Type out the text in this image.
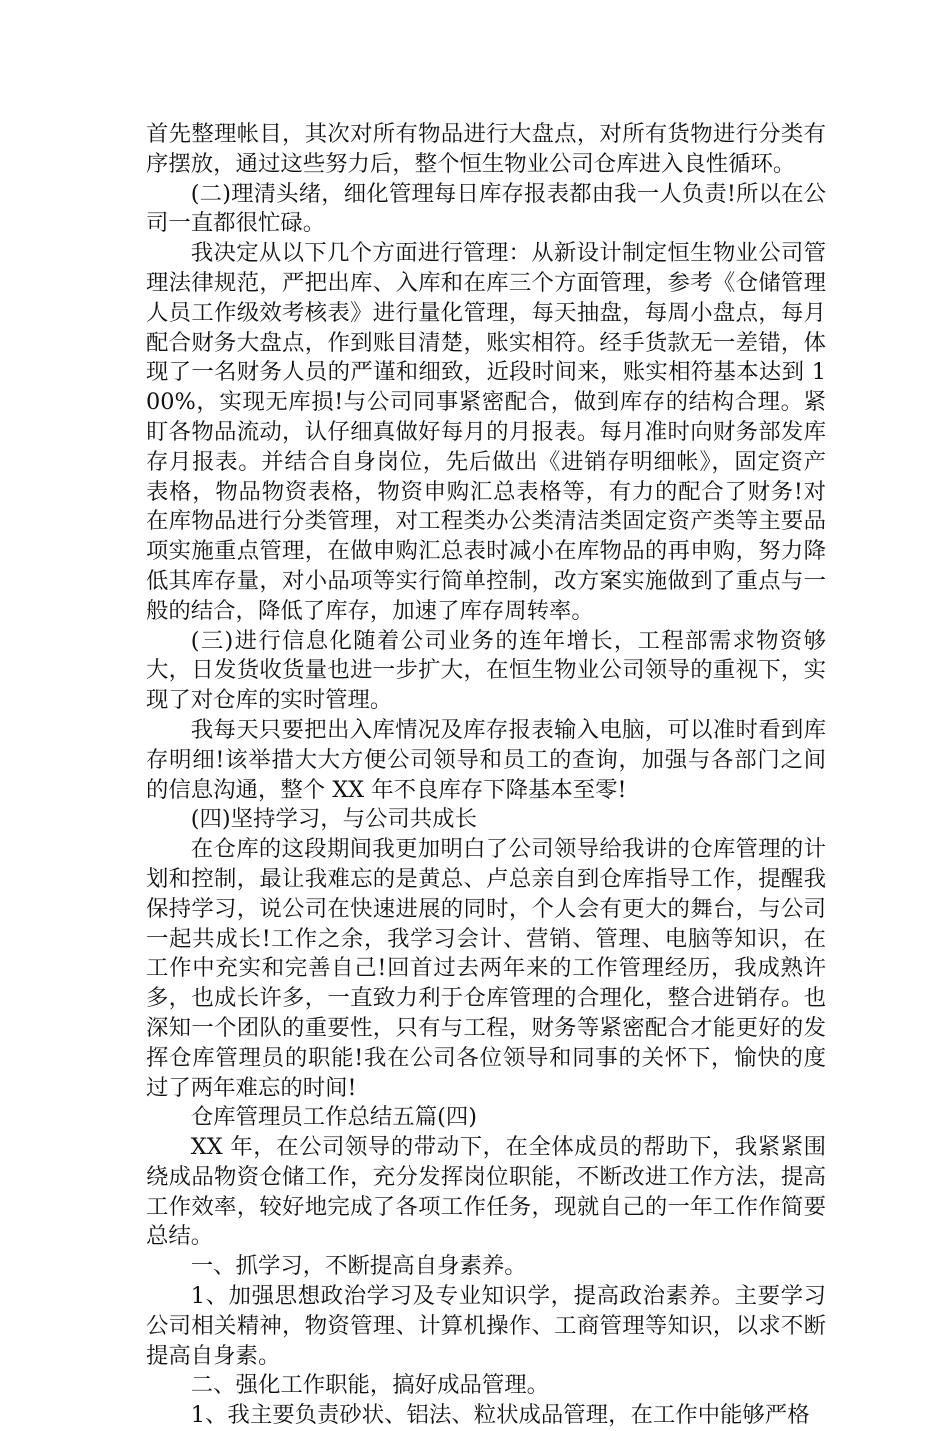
首先整理帐目，其次对所有物品进行大盘点，对所有货物进行分类有序摆放，通过这些努力后，整个恒生物业公司仓库进入良性循环。

(二)理清头绪，细化管理每日库存报表都由我一人负责!所以在公司一直都很忙碌。

我决定从以下几个方面进行管理：从新设计制定恒生物业公司管理法律规范，严把出库、入库和在库三个方面管理，参考《仓储管理人员工作级效考核表》进行量化管理，每天抽盘，每周小盘点，每月配合财务大盘点，作到账目清楚，账实相符。经手货款无一差错，体现了一名财务人员的严谨和细致，近段时间来，账实相符基本达到 100%，实现无库损!与公司同事紧密配合，做到库存的结构合理。紧盯各物品流动，认仔细真做好每月的月报表。每月准时向财务部发库存月报表。并结合自身岗位，先后做出《进销存明细帐》，固定资产表格，物品物资表格，物资申购汇总表格等，有力的配合了财务!对在库物品进行分类管理，对工程类办公类清洁类固定资产类等主要品项实施重点管理，在做申购汇总表时减小在库物品的再申购，努力降低其库存量，对小品项等实行简单控制，改方案实施做到了重点与一般的结合，降低了库存，加速了库存周转率。

(三)进行信息化随着公司业务的连年增长，工程部需求物资够大，日发货收货量也进一步扩大，在恒生物业公司领导的重视下，实现了对仓库的实时管理。

我每天只要把出入库情况及库存报表输入电脑，可以准时看到库存明细!该举措大大方便公司领导和员工的查询，加强与各部门之间的信息沟通，整个 XX 年不良库存下降基本至零!

(四)坚持学习，与公司共成长

在仓库的这段期间我更加明白了公司领导给我讲的仓库管理的计划和控制，最让我难忘的是黄总、卢总亲自到仓库指导工作，提醒我保持学习，说公司在快速进展的同时，个人会有更大的舞台，与公司一起共成长!工作之余，我学习会计、营销、管理、电脑等知识，在工作中充实和完善自己!回首过去两年来的工作管理经历，我成熟许多，也成长许多，一直致力利于仓库管理的合理化，整合进销存。也深知一个团队的重要性，只有与工程，财务等紧密配合才能更好的发挥仓库管理员的职能!我在公司各位领导和同事的关怀下，愉快的度过了两年难忘的时间!

仓库管理员工作总结五篇(四)

XX 年，在公司领导的带动下，在全体成员的帮助下，我紧紧围绕成品物资仓储工作，充分发挥岗位职能，不断改进工作方法，提高工作效率，较好地完成了各项工作任务，现就自己的一年工作作简要总结。

一、抓学习，不断提高自身素养。

1、加强思想政治学习及专业知识学，提高政治素养。主要学习公司相关精神，物资管理、计算机操作、工商管理等知识，以求不断提高自身素。

二、强化工作职能，搞好成品管理。

1、我主要负责砂状、铝法、粒状成品管理，在工作中能够严格
